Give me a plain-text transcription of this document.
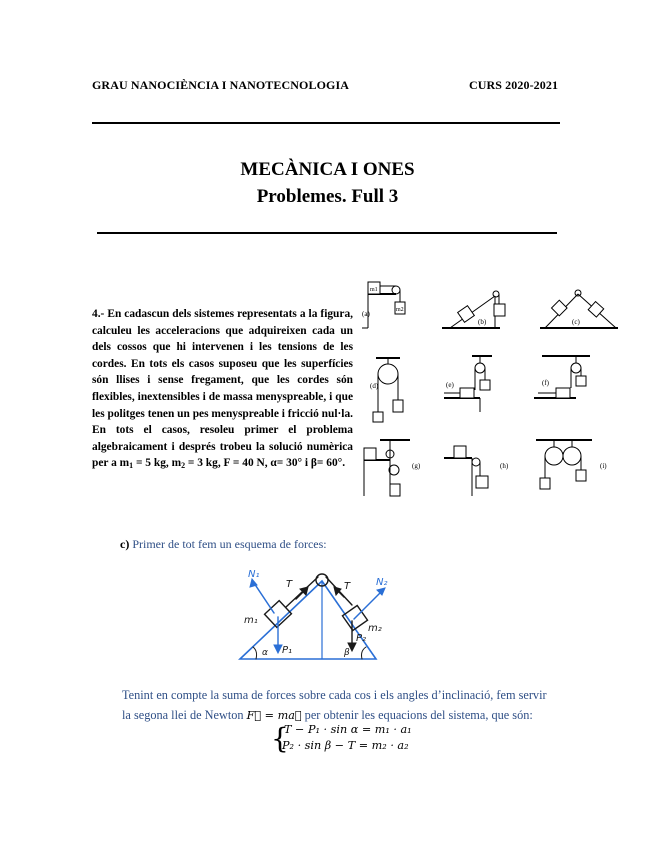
GRAU NANOCIÈNCIA I NANOTECNOLOGIA	CURS 2020-2021
MECÀNICA I ONES
Problemes. Full 3
4.- En cadascun dels sistemes representats a la figura, calculeu les acceleracions que adquireixen cada un dels cossos que hi intervenen i les tensions de les cordes. En tots els casos suposeu que les superfícies són llises i sense fregament, que les cordes són flexibles, inextensibles i de massa menyspreable, i que les politges tenen un pes menyspreable i fricció nul·la. En tots el casos, resoleu primer el problema algebraicament i després trobeu la solució numèrica per a $m_1 = 5$ kg, $m_2 = 3$ kg, F = 40 N, α= 30° i β= 60°.
m1
m2
(a)
(b)	(c)
(d)	(e)	(f)
(g)	(h)	(i)
c) Primer de tot fem un esquema de forces:
N₁
N₂
T	T
m₁
m₂
P₁
P₂
α	β
Tenint en compte la suma de forces sobre cada cos i els angles d’inclinació, fem servir
la segona llei de Newton F⃗ = ma⃗ per obtenir les equacions del sistema, que són:
{
T − P₁ · sin α = m₁ · a₁
P₂ · sin β − T = m₂ · a₂
